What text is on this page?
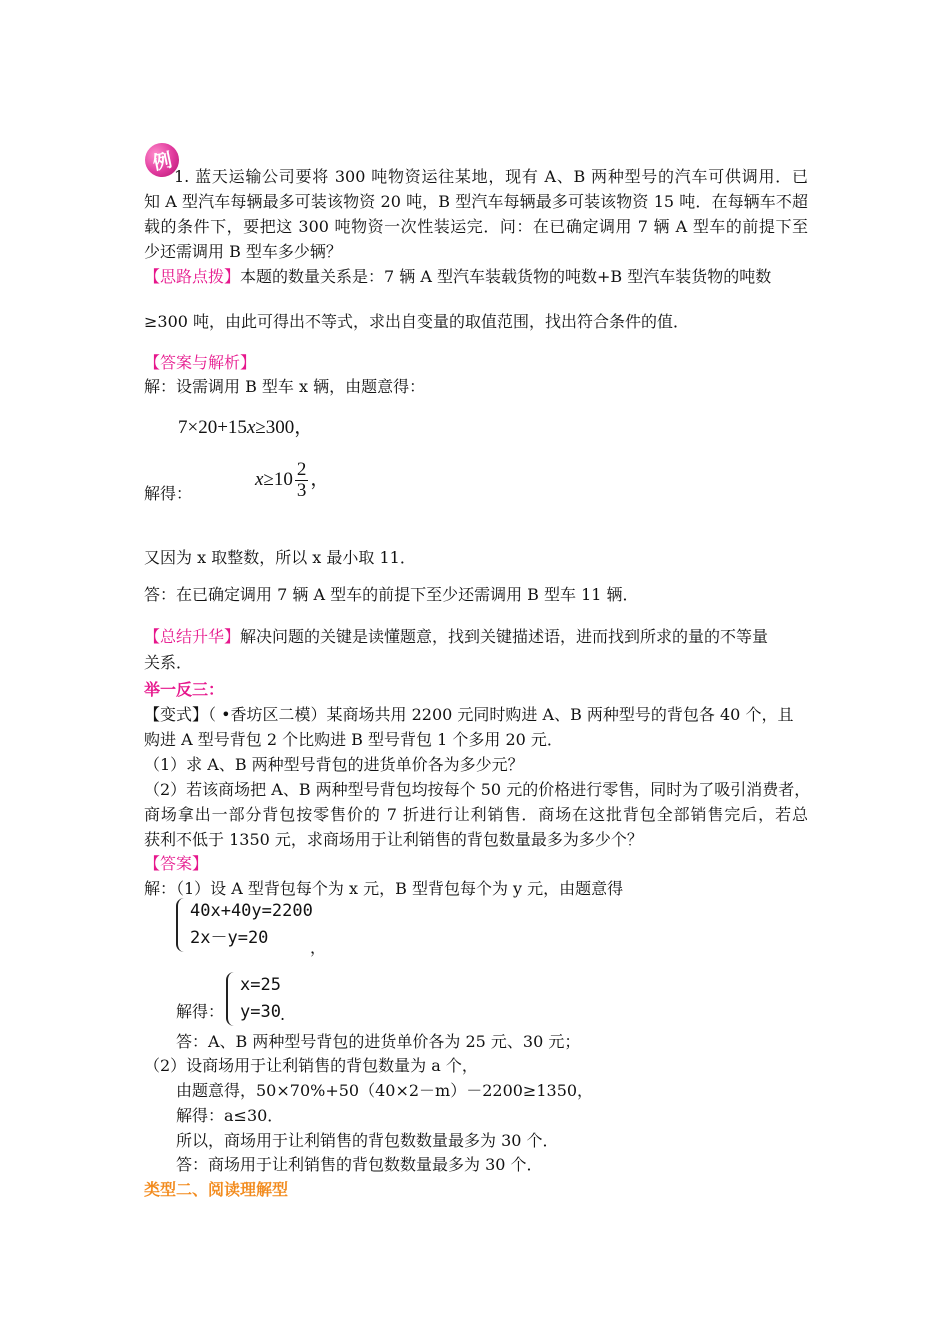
例
1. 蓝天运输公司要将 300 吨物资运往某地，现有 A、B 两种型号的汽车可供调用．已
知 A 型汽车每辆最多可装该物资 20 吨，B 型汽车每辆最多可装该物资 15 吨．在每辆车不超
载的条件下，要把这 300 吨物资一次性装运完．问：在已确定调用 7 辆 A 型车的前提下至
少还需调用 B 型车多少辆？
【思路点拨】本题的数量关系是：7 辆 A 型汽车装载货物的吨数+B 型汽车装货物的吨数
≥300 吨，由此可得出不等式，求出自变量的取值范围，找出符合条件的值．
【答案与解析】
解：设需调用 B 型车 x 辆，由题意得：
7×20+15x≥300，
解得：
$x\ge 10 \frac{2}{3}$ ，
又因为 x 取整数，所以 x 最小取 11．
答：在已确定调用 7 辆 A 型车的前提下至少还需调用 B 型车 11 辆．
【总结升华】解决问题的关键是读懂题意，找到关键描述语，进而找到所求的量的不等量
关系．
举一反三：
【变式】（ •香坊区二模）某商场共用 2200 元同时购进 A、B 两种型号的背包各 40 个，且
购进 A 型号背包 2 个比购进 B 型号背包 1 个多用 20 元．
（1）求 A、B 两种型号背包的进货单价各为多少元？
（2）若该商场把 A、B 两种型号背包均按每个 50 元的价格进行零售，同时为了吸引消费者，
商场拿出一部分背包按零售价的 7 折进行让利销售．商场在这批背包全部销售完后，若总
获利不低于 1350 元，求商场用于让利销售的背包数量最多为多少个？
【答案】
解：（1）设 A 型背包每个为 x 元，B 型背包每个为 y 元，由题意得
40x+40y=2200
2x－y=20	，
解得：
x=25
y=30 .
答：A、B 两种型号背包的进货单价各为 25 元、30 元；
（2）设商场用于让利销售的背包数量为 a 个，
由题意得，50×70%+50（40×2－m）－2200≥1350，
解得：a≤30．
所以，商场用于让利销售的背包数数量最多为 30 个．
答：商场用于让利销售的背包数数量最多为 30 个．
类型二、阅读理解型
